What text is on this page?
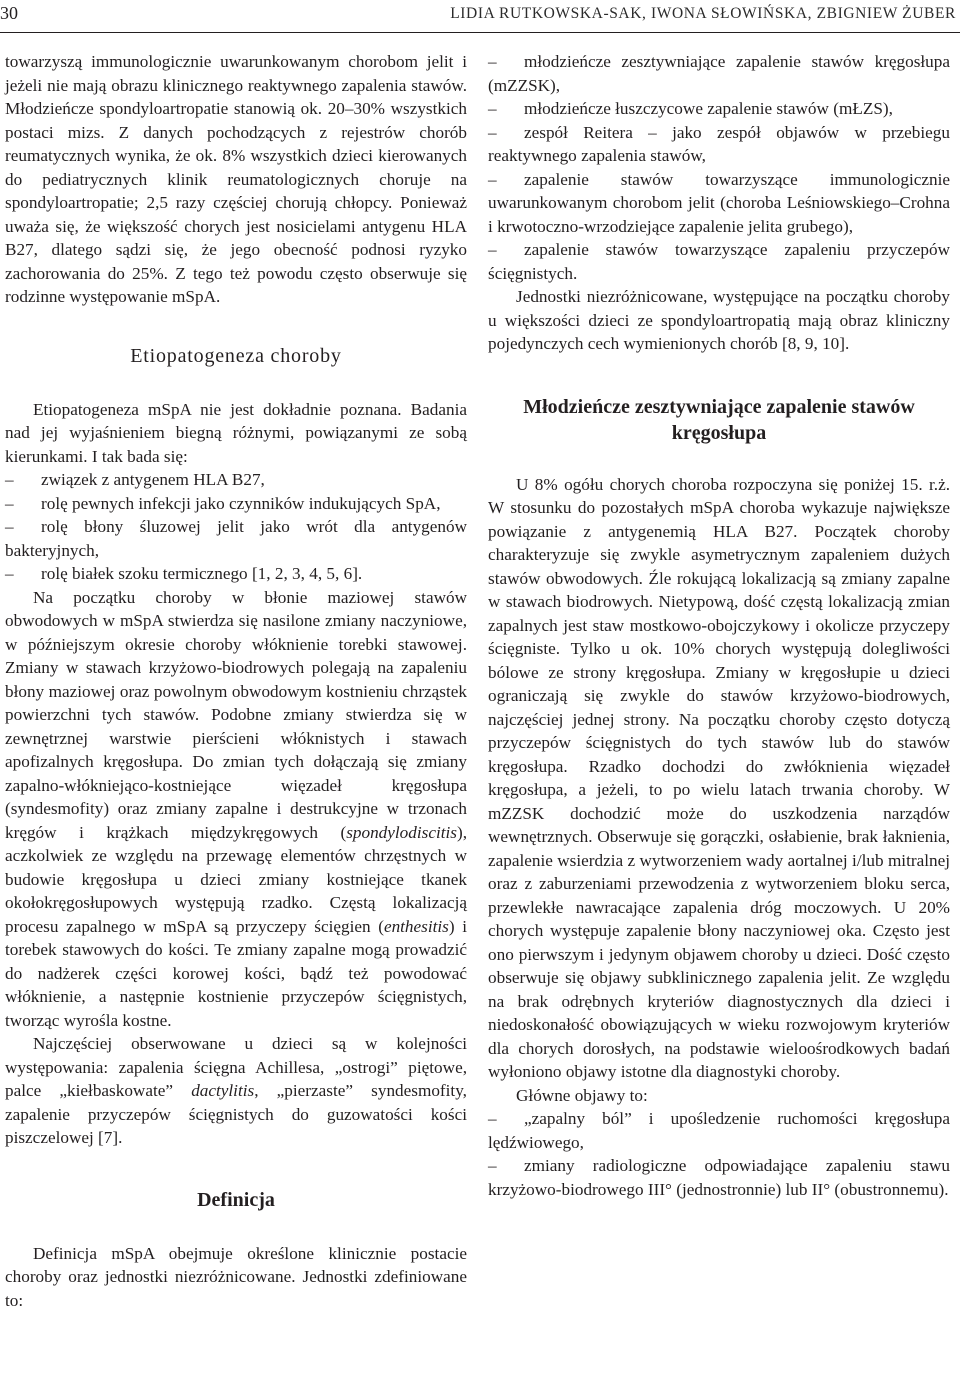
30	LIDIA RUTKOWSKA-SAK, IWONA SŁOWIŃSKA, ZBIGNIEW ŻUBER

towarzyszą immunologicznie uwarunkowanym chorobom jelit i jeżeli nie mają obrazu klinicznego reaktywnego zapalenia stawów. Młodzieńcze spondyloartropatie stanowią ok. 20–30% wszystkich postaci mizs. Z danych pochodzących z rejestrów chorób reumatycznych wynika, że ok. 8% wszystkich dzieci kierowanych do pediatrycznych klinik reumatologicznych choruje na spondyloartropatie; 2,5 razy częściej chorują chłopcy. Ponieważ uważa się, że większość chorych jest nosicielami antygenu HLA B27, dlatego sądzi się, że jego obecność podnosi ryzyko zachorowania do 25%. Z tego też powodu często obserwuje się rodzinne występowanie mSpA.

Etiopatogeneza choroby

Etiopatogeneza mSpA nie jest dokładnie poznana. Badania nad jej wyjaśnieniem biegną różnymi, powiązanymi ze sobą kierunkami. I tak bada się:

– związek z antygenem HLA B27,

– rolę pewnych infekcji jako czynników indukujących SpA,

– rolę błony śluzowej jelit jako wrót dla antygenów bakteryjnych,

– rolę białek szoku termicznego [1, 2, 3, 4, 5, 6].

Na początku choroby w błonie maziowej stawów obwodowych w mSpA stwierdza się nasilone zmiany naczyniowe, w późniejszym okresie choroby włóknienie torebki stawowej. Zmiany w stawach krzyżowo-biodrowych polegają na zapaleniu błony maziowej oraz powolnym obwodowym kostnieniu chrząstek powierzchni tych stawów. Podobne zmiany stwierdza się w zewnętrznej warstwie pierścieni włóknistych i stawach apofizalnych kręgosłupa. Do zmian tych dołączają się zmiany zapalno-włókniejąco-kostniejące więzadeł kręgosłupa (syndesmofity) oraz zmiany zapalne i destrukcyjne w trzonach kręgów i krążkach międzykręgowych (spondylodiscitis), aczkolwiek ze względu na przewagę elementów chrzęstnych w budowie kręgosłupa u dzieci zmiany kostniejące tkanek okołokręgosłupowych występują rzadko. Częstą lokalizacją procesu zapalnego w mSpA są przyczepy ścięgien (enthesitis) i torebek stawowych do kości. Te zmiany zapalne mogą prowadzić do nadżerek części korowej kości, bądź też powodować włóknienie, a następnie kostnienie przyczepów ścięgnistych, tworząc wyrośla kostne.

Najczęściej obserwowane u dzieci są w kolejności występowania: zapalenia ścięgna Achillesa, „ostrogi” piętowe, palce „kiełbaskowate” dactylitis, „pierzaste” syndesmofity, zapalenie przyczepów ścięgnistych do guzowatości kości piszczelowej [7].

Definicja

Definicja mSpA obejmuje określone klinicznie postacie choroby oraz jednostki niezróżnicowane. Jednostki zdefiniowane to:

– młodzieńcze zesztywniające zapalenie stawów kręgosłupa (mZZSK),

– młodzieńcze łuszczycowe zapalenie stawów (mŁZS),

– zespół Reitera – jako zespół objawów w przebiegu reaktywnego zapalenia stawów,

– zapalenie stawów towarzyszące immunologicznie uwarunkowanym chorobom jelit (choroba Leśniowskiego–Crohna i krwotoczno-wrzodziejące zapalenie jelita grubego),

– zapalenie stawów towarzyszące zapaleniu przyczepów ścięgnistych.

Jednostki niezróżnicowane, występujące na początku choroby u większości dzieci ze spondyloartropatią mają obraz kliniczny pojedynczych cech wymienionych chorób [8, 9, 10].

Młodzieńcze zesztywniające zapalenie stawów kręgosłupa

U 8% ogółu chorych choroba rozpoczyna się poniżej 15. r.ż. W stosunku do pozostałych mSpA choroba wykazuje największe powiązanie z antygenemią HLA B27. Początek choroby charakteryzuje się zwykle asymetrycznym zapaleniem dużych stawów obwodowych. Źle rokującą lokalizacją są zmiany zapalne w stawach biodrowych. Nietypową, dość częstą lokalizacją zmian zapalnych jest staw mostkowo-obojczykowy i okolicze przyczepy ścięgniste. Tylko u ok. 10% chorych występują dolegliwości bólowe ze strony kręgosłupa. Zmiany w kręgosłupie u dzieci ograniczają się zwykle do stawów krzyżowo-biodrowych, najczęściej jednej strony. Na początku choroby często dotyczą przyczepów ścięgnistych do tych stawów lub do stawów kręgosłupa. Rzadko dochodzi do zwłóknienia więzadeł kręgosłupa, a jeżeli, to po wielu latach trwania choroby. W mZZSK dochodzić może do uszkodzenia narządów wewnętrznych. Obserwuje się gorączki, osłabienie, brak łaknienia, zapalenie wsierdzia z wytworzeniem wady aortalnej i/lub mitralnej oraz z zaburzeniami przewodzenia z wytworzeniem bloku serca, przewlekłe nawracające zapalenia dróg moczowych. U 20% chorych występuje zapalenie błony naczyniowej oka. Często jest ono pierwszym i jedynym objawem choroby u dzieci. Dość często obserwuje się objawy subklinicznego zapalenia jelit. Ze względu na brak odrębnych kryteriów diagnostycznych dla dzieci i niedoskonałość obowiązujących w wieku rozwojowym kryteriów dla chorych dorosłych, na podstawie wieloośrodkowych badań wyłoniono objawy istotne dla diagnostyki choroby.

Główne objawy to:

– „zapalny ból” i upośledzenie ruchomości kręgosłupa lędźwiowego,

– zmiany radiologiczne odpowiadające zapaleniu stawu krzyżowo-biodrowego III° (jednostronnie) lub II° (obustronnemu).
